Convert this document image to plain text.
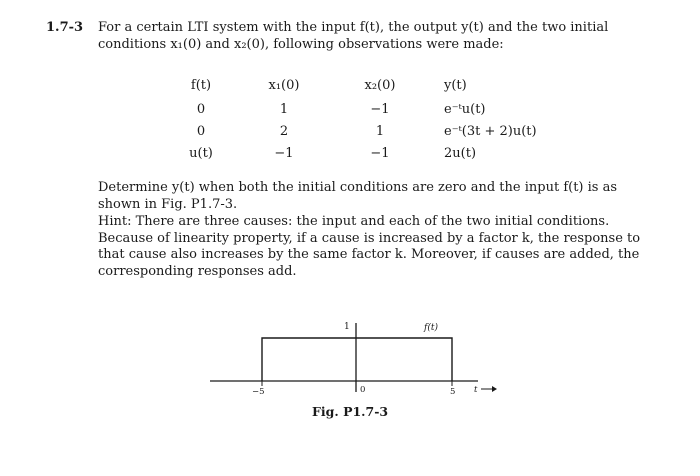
1.7-3 For a certain LTI system with the input f(t), the output y(t) and the two initial conditions x₁(0) and x₂(0), following observations were made:
f(t)	x₁(0)	x₂(0)	y(t)
0	1	−1	e⁻ᵗu(t)
0	2	1	e⁻ᵗ(3t + 2)u(t)
u(t)	−1	−1	2u(t)
Determine y(t) when both the initial conditions are zero and the input f(t) is as shown in Fig. P1.7-3.
Hint: There are three causes: the input and each of the two initial conditions. Because of linearity property, if a cause is increased by a factor k, the response to that cause also increases by the same factor k. Moreover, if causes are added, the corresponding responses add.
1	f(t)
−5	0	5 t
Fig. P1.7-3
